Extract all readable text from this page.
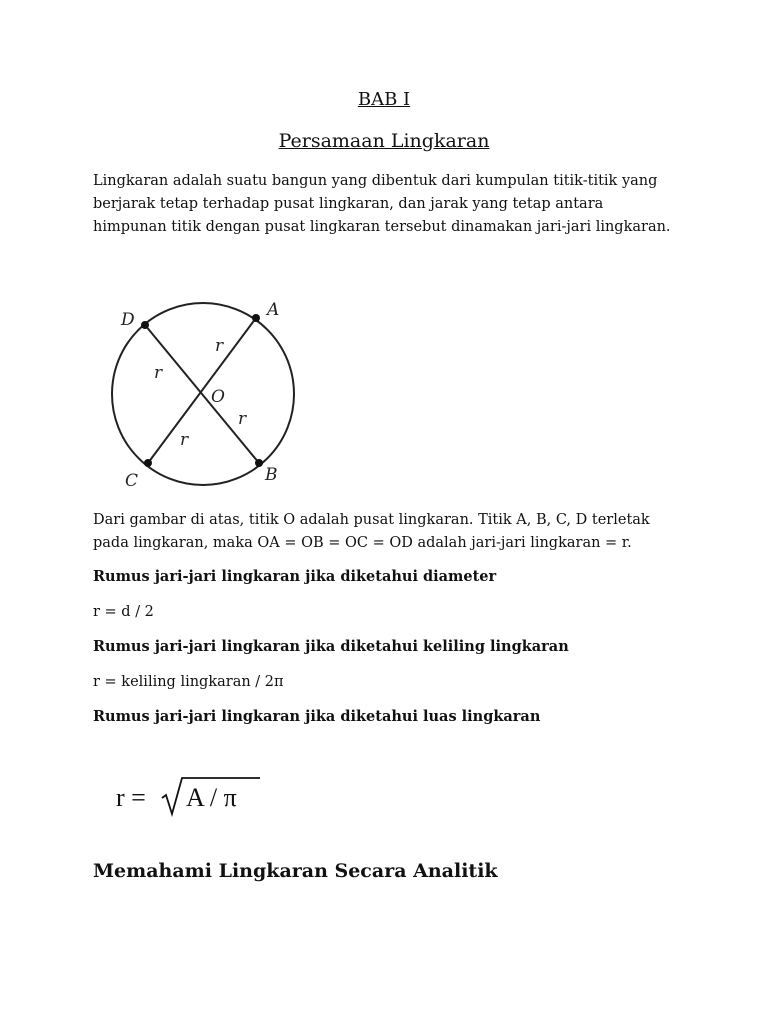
BAB I
Persamaan Lingkaran
Lingkaran adalah suatu bangun yang dibentuk dari kumpulan titik-titik yang berjarak tetap terhadap pusat lingkaran, dan jarak yang tetap antara himpunan titik dengan pusat lingkaran tersebut dinamakan jari-jari lingkaran.
D	A
C	B
O
r
r
r
r
Dari gambar di atas, titik O adalah pusat lingkaran. Titik A, B, C, D terletak pada lingkaran, maka OA = OB = OC = OD adalah jari-jari lingkaran = r.
Rumus jari-jari lingkaran jika diketahui diameter
r = d / 2
Rumus jari-jari lingkaran jika diketahui keliling lingkaran
r = keliling lingkaran / 2π
Rumus jari-jari lingkaran jika diketahui luas lingkaran
r = A / π
Memahami Lingkaran Secara Analitik
